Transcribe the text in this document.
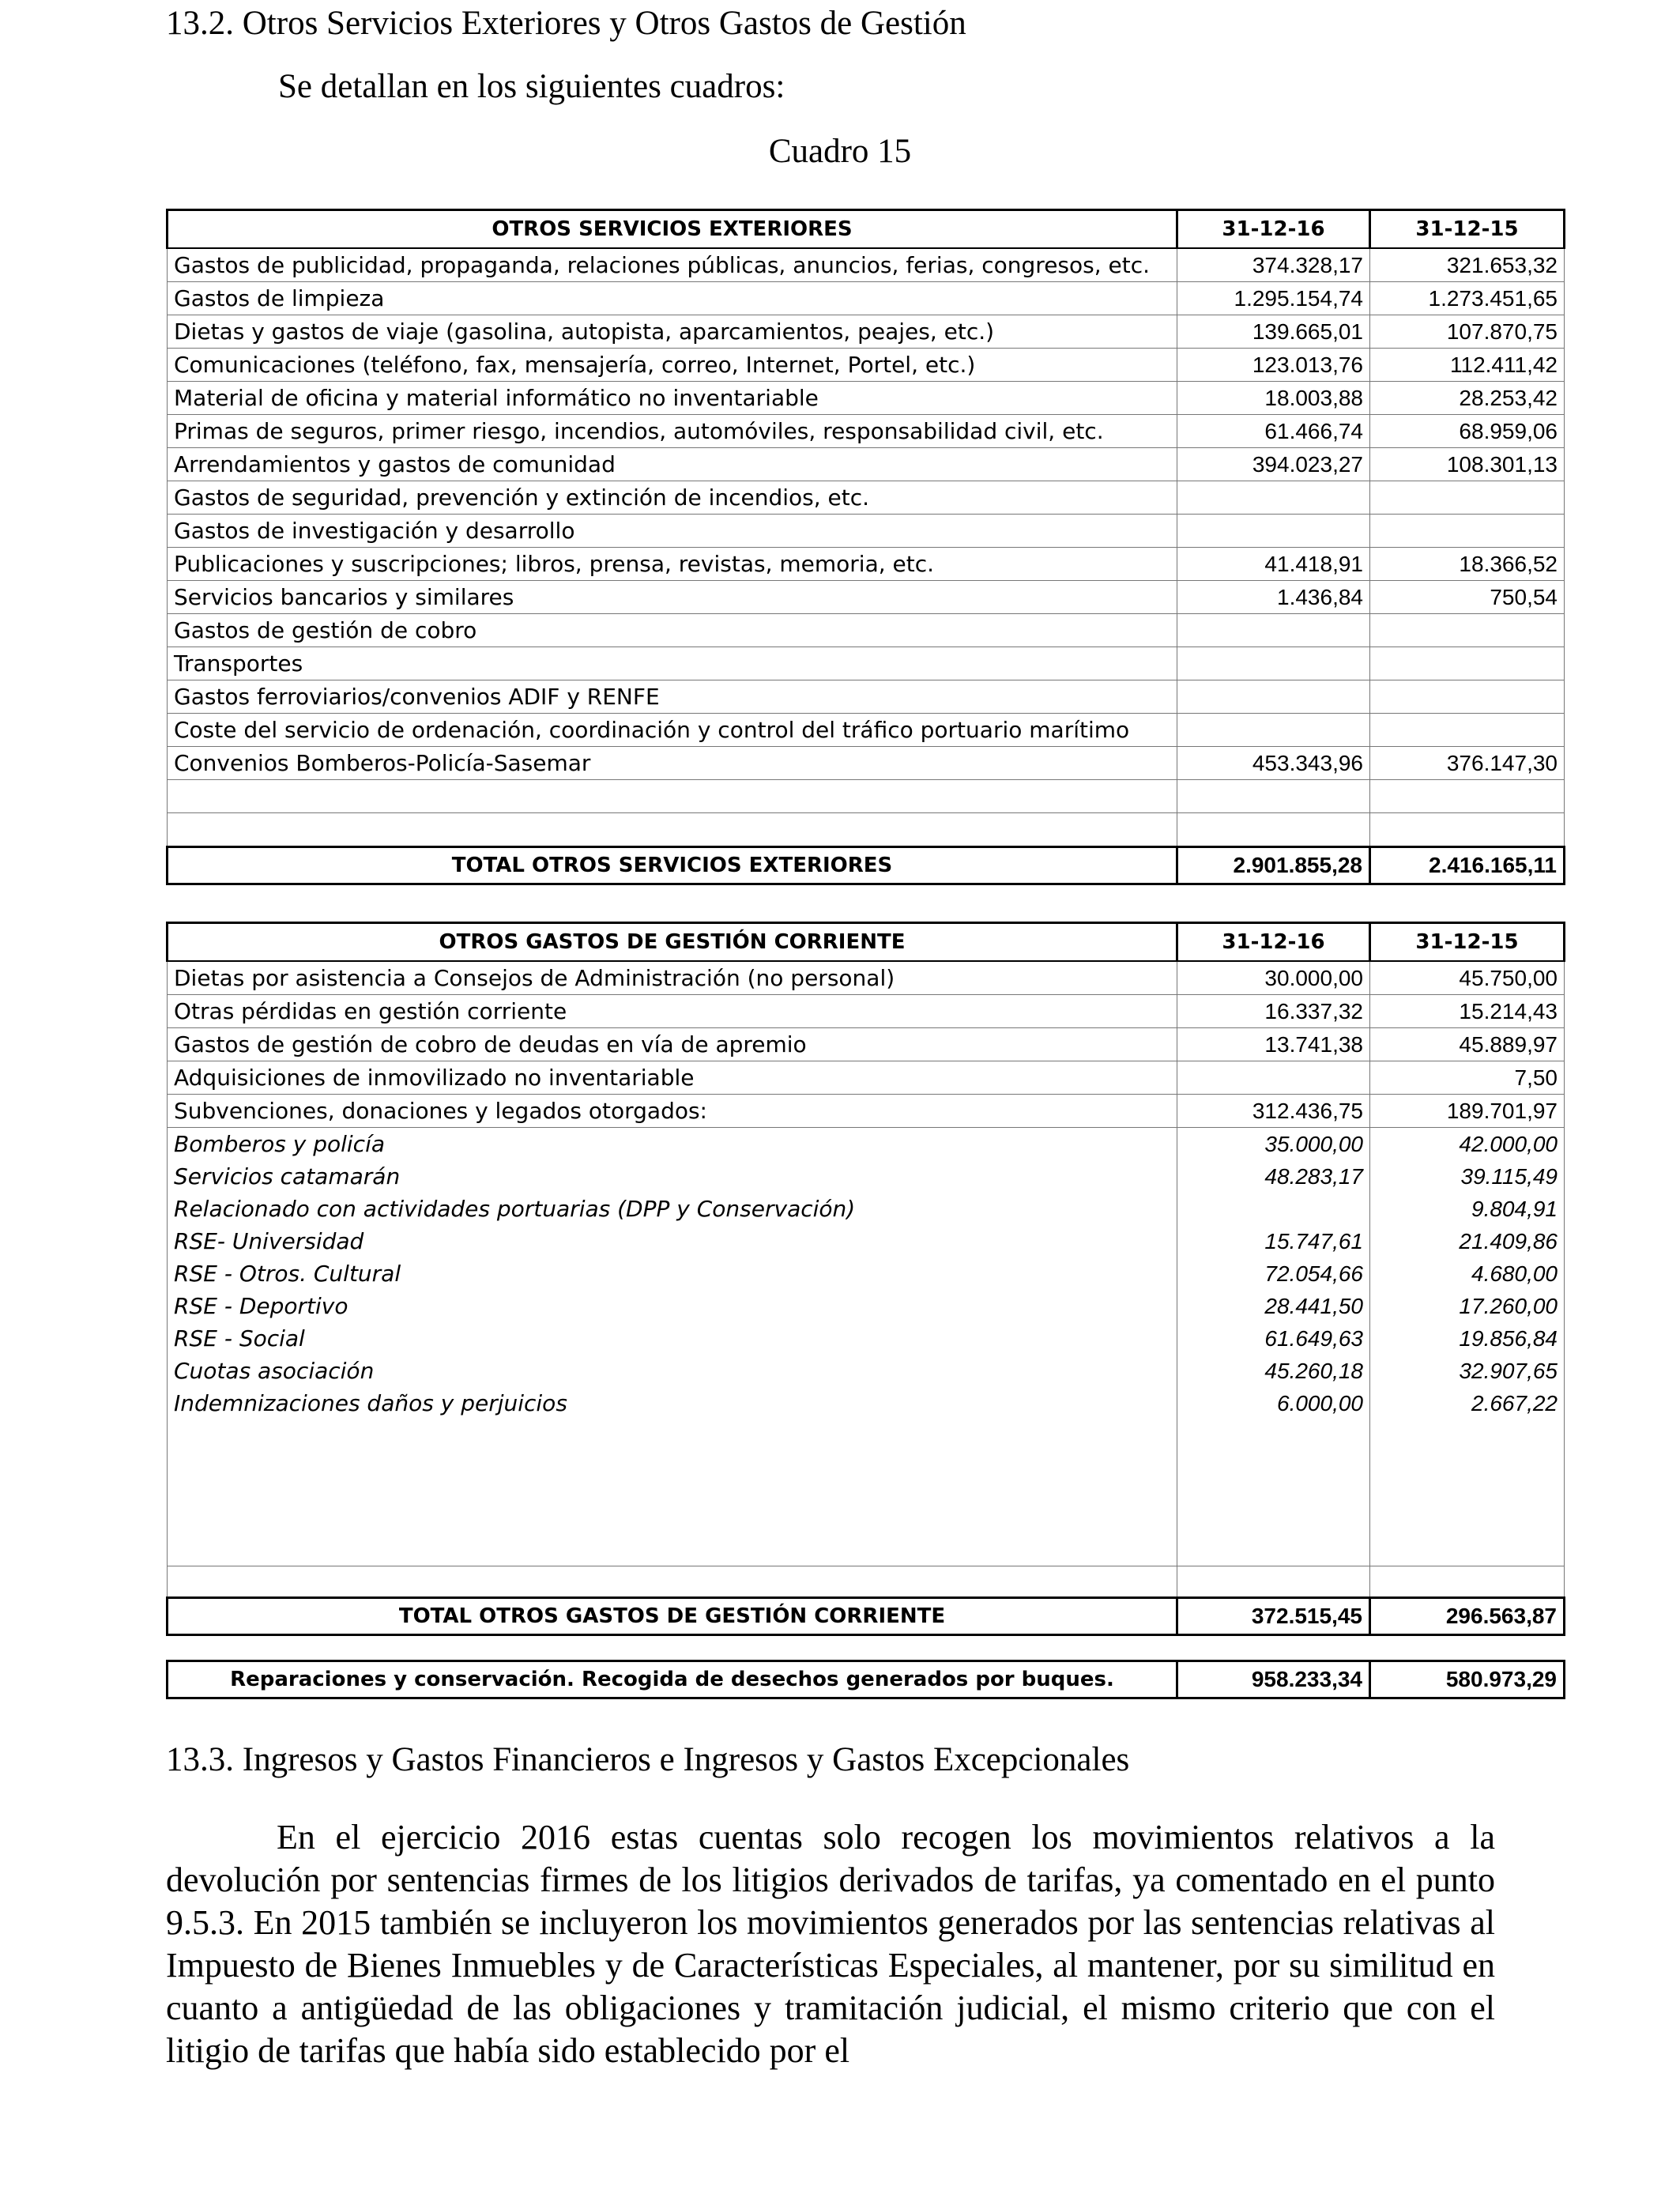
13.2. Otros Servicios Exteriores y Otros Gastos de Gestión
Se detallan en los siguientes cuadros:
Cuadro 15
OTROS SERVICIOS EXTERIORES	31-12-16	31-12-15
Gastos de publicidad, propaganda, relaciones públicas, anuncios, ferias, congresos, etc.	374.328,17	321.653,32
Gastos de limpieza	1.295.154,74	1.273.451,65
Dietas y gastos de viaje (gasolina, autopista, aparcamientos, peajes, etc.)	139.665,01	107.870,75
Comunicaciones (teléfono, fax, mensajería, correo, Internet, Portel, etc.)	123.013,76	112.411,42
Material de oficina y material informático no inventariable	18.003,88	28.253,42
Primas de seguros, primer riesgo, incendios, automóviles, responsabilidad civil, etc.	61.466,74	68.959,06
Arrendamientos y gastos de comunidad	394.023,27	108.301,13
Gastos de seguridad, prevención y extinción de incendios, etc.		
Gastos de investigación y desarrollo		
Publicaciones y suscripciones; libros, prensa, revistas, memoria, etc.	41.418,91	18.366,52
Servicios bancarios y similares	1.436,84	750,54
Gastos de gestión de cobro		
Transportes		
Gastos ferroviarios/convenios ADIF y RENFE		
Coste del servicio de ordenación, coordinación y control del tráfico portuario marítimo		
Convenios Bomberos-Policía-Sasemar	453.343,96	376.147,30

TOTAL OTROS SERVICIOS EXTERIORES	2.901.855,28	2.416.165,11
OTROS GASTOS DE GESTIÓN CORRIENTE	31-12-16	31-12-15
Dietas por asistencia a Consejos de Administración (no personal)	30.000,00	45.750,00
Otras pérdidas en gestión corriente	16.337,32	15.214,43
Gastos de gestión de cobro de deudas en vía de apremio	13.741,38	45.889,97
Adquisiciones de inmovilizado no inventariable		7,50
Subvenciones, donaciones y legados otorgados:	312.436,75	189.701,97
Bomberos y policía	35.000,00	42.000,00
Servicios catamarán	48.283,17	39.115,49
Relacionado con actividades portuarias (DPP y Conservación)		9.804,91
RSE- Universidad	15.747,61	21.409,86
RSE - Otros. Cultural	72.054,66	4.680,00
RSE - Deportivo	28.441,50	17.260,00
RSE - Social	61.649,63	19.856,84
Cuotas asociación	45.260,18	32.907,65
Indemnizaciones daños y perjuicios	6.000,00	2.667,22

TOTAL OTROS GASTOS DE GESTIÓN CORRIENTE	372.515,45	296.563,87

Reparaciones y conservación. Recogida de desechos generados por buques.	958.233,34	580.973,29
13.3. Ingresos y Gastos Financieros e Ingresos y Gastos Excepcionales
En el ejercicio 2016 estas cuentas solo recogen los movimientos relativos a la devolución por sentencias firmes de los litigios derivados de tarifas, ya comentado en el punto 9.5.3. En 2015 también se incluyeron los movimientos generados por las sentencias relativas al Impuesto de Bienes Inmuebles y de Características Especiales, al mantener, por su similitud en cuanto a antigüedad de las obligaciones y tramitación judicial, el mismo criterio que con el litigio de tarifas que había sido establecido por el
